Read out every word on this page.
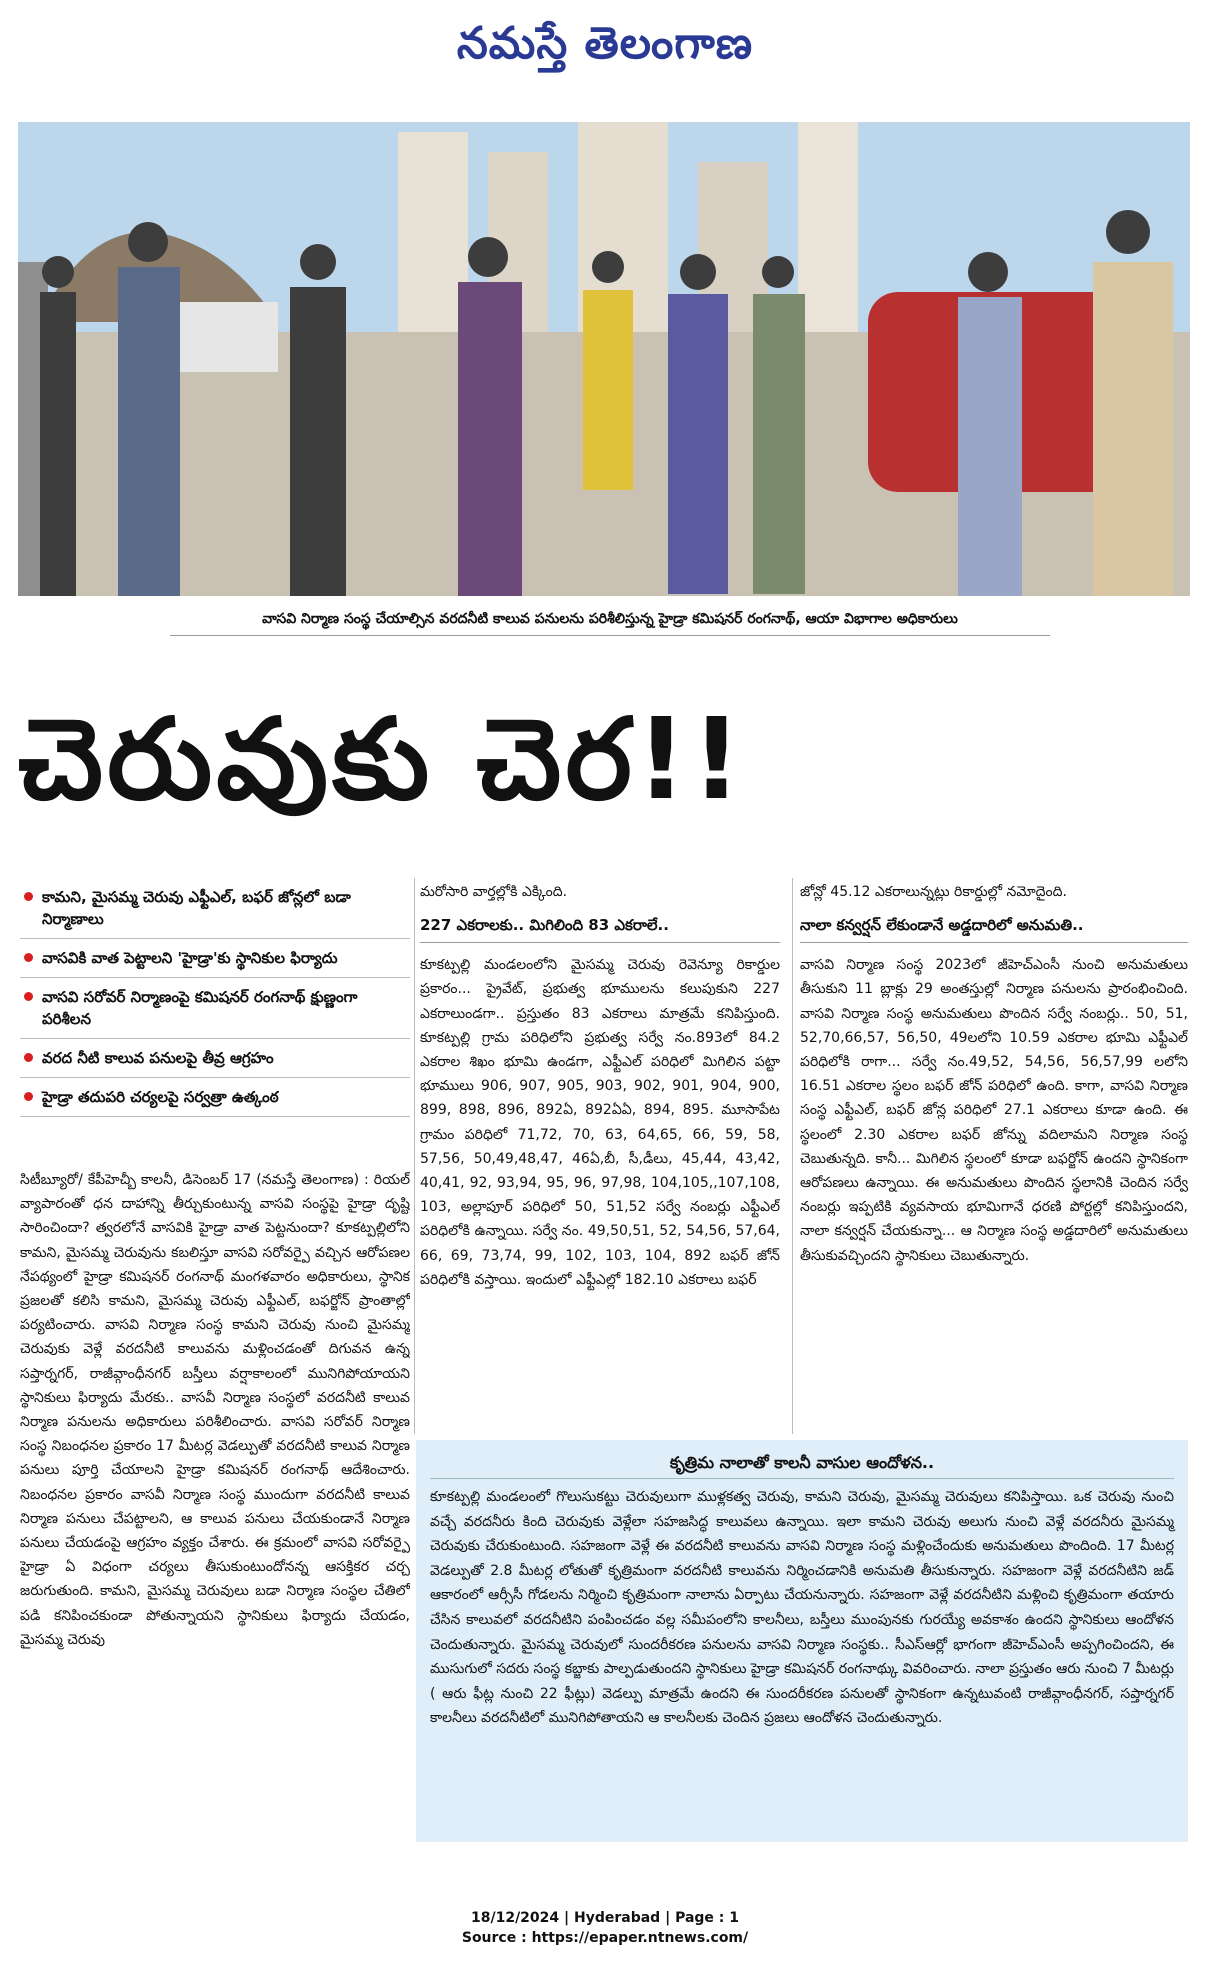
నమస్తే తెలంగాణ
వాసవి నిర్మాణ సంస్థ చేయాల్సిన వరదనీటి కాలువ పనులను పరిశీలిస్తున్న హైడ్రా కమిషనర్ రంగనాథ్, ఆయా విభాగాల అధికారులు
చెరువుకు చెర!!
కామని, మైసమ్మ చెరువు ఎఫ్టీఎల్, బఫర్ జోన్లలో బడా నిర్మాణాలు
వాసవికి వాత పెట్టాలని 'హైడ్రా'కు స్థానికుల ఫిర్యాదు
వాసవి సరోవర్ నిర్మాణంపై కమిషనర్ రంగనాథ్ క్షుణ్ణంగా పరిశీలన
వరద నీటి కాలువ పనులపై తీవ్ర ఆగ్రహం
హైడ్రా తదుపరి చర్యలపై సర్వత్రా ఉత్కంఠ

సిటీబ్యూరో/ కేపీహెచ్బీ కాలనీ, డిసెంబర్ 17 (నమస్తే తెలంగాణ) : రియల్ వ్యాపారంతో ధన దాహాన్ని తీర్చుకుంటున్న వాసవి సంస్థపై హైడ్రా దృష్టి సారించిందా? త్వరలోనే వాసవికి హైడ్రా వాత పెట్టనుందా? కూకట్పల్లిలోని కామని, మైసమ్మ చెరువును కబలిస్తూ వాసవి సరోవర్పై వచ్చిన ఆరోపణల నేపథ్యంలో హైడ్రా కమిషనర్ రంగనాథ్ మంగళవారం అధికారులు, స్థానిక ప్రజలతో కలిసి కామని, మైసమ్మ చెరువు ఎఫ్టీఎల్, బఫర్జోన్ ప్రాంతాల్లో పర్యటించారు. వాసవి నిర్మాణ సంస్థ కామని చెరువు నుంచి మైసమ్మ చెరువుకు వెళ్లే వరదనీటి కాలువను మళ్లించడంతో దిగువన ఉన్న సప్తార్నగర్, రాజీవ్గాంధీనగర్ బస్తీలు వర్షాకాలంలో మునిగిపోయాయని స్థానికులు ఫిర్యాదు మేరకు.. వాసవీ నిర్మాణ సంస్థలో వరదనీటి కాలువ నిర్మాణ పనులను అధికారులు పరిశీలించారు. వాసవి సరోవర్ నిర్మాణ సంస్థ నిబంధనల ప్రకారం 17 మీటర్ల వెడల్పుతో వరదనీటి కాలువ నిర్మాణ పనులు పూర్తి చేయాలని హైడ్రా కమిషనర్ రంగనాథ్ ఆదేశించారు. నిబంధనల ప్రకారం వాసవీ నిర్మాణ సంస్థ ముందుగా వరదనీటి కాలువ నిర్మాణ పనులు చేపట్టాలని, ఆ కాలువ పనులు చేయకుండానే నిర్మాణ పనులు చేయడంపై ఆగ్రహం వ్యక్తం చేశారు. ఈ క్రమంలో వాసవి సరోవర్పై హైడ్రా ఏ విధంగా చర్యలు తీసుకుంటుందోనన్న ఆసక్తికర చర్చ జరుగుతుంది. కామని, మైసమ్మ చెరువులు బడా నిర్మాణ సంస్థల చేతిలో పడి కనిపించకుండా పోతున్నాయని స్థానికులు ఫిర్యాదు చేయడం, మైసమ్మ చెరువు

మరోసారి వార్తల్లోకి ఎక్కింది.

227 ఎకరాలకు.. మిగిలింది 83 ఎకరాలే..

కూకట్పల్లి మండలంలోని మైసమ్మ చెరువు రెవెన్యూ రికార్డుల ప్రకారం... ప్రైవేట్, ప్రభుత్వ భూములను కలుపుకుని 227 ఎకరాలుండగా.. ప్రస్తుతం 83 ఎకరాలు మాత్రమే కనిపిస్తుంది. కూకట్పల్లి గ్రామ పరిధిలోని ప్రభుత్వ సర్వే నం.893లో 84.2 ఎకరాల శిఖం భూమి ఉండగా, ఎఫ్టీఎల్ పరిధిలో మిగిలిన పట్టా భూములు 906, 907, 905, 903, 902, 901, 904, 900, 899, 898, 896, 892ఏ, 892ఏఏ, 894, 895. మూసాపేట గ్రామం పరిధిలో 71,72, 70, 63, 64,65, 66, 59, 58, 57,56, 50,49,48,47, 46ఏ,బీ, సీ,డీలు, 45,44, 43,42, 40,41, 92, 93,94, 95, 96, 97,98, 104,105,,107,108, 103, అల్లాపూర్ పరిధిలో 50, 51,52 సర్వే నంబర్లు ఎఫ్టీఎల్ పరిధిలోకి ఉన్నాయి. సర్వే నం. 49,50,51, 52, 54,56, 57,64, 66, 69, 73,74, 99, 102, 103, 104, 892 బఫర్ జోన్ పరిధిలోకి వస్తాయి. ఇందులో ఎఫ్టీఎల్లో 182.10 ఎకరాలు బఫర్

జోన్లో 45.12 ఎకరాలున్నట్లు రికార్డుల్లో నమోదైంది.

నాలా కన్వర్షన్ లేకుండానే అడ్డదారిలో అనుమతి..

వాసవి నిర్మాణ సంస్థ 2023లో జీహెచ్ఎంసీ నుంచి అనుమతులు తీసుకుని 11 బ్లాక్లు 29 అంతస్తుల్లో నిర్మాణ పనులను ప్రారంభించింది. వాసవి నిర్మాణ సంస్థ అనుమతులు పొందిన సర్వే నంబర్లు.. 50, 51, 52,70,66,57, 56,50, 49లలోని 10.59 ఎకరాల భూమి ఎఫ్టీఎల్ పరిధిలోకి రాగా... సర్వే నం.49,52, 54,56, 56,57,99 లలోని 16.51 ఎకరాల స్థలం బఫర్ జోన్ పరిధిలో ఉంది. కాగా, వాసవి నిర్మాణ సంస్థ ఎఫ్టీఎల్, బఫర్ జోన్ల పరిధిలో 27.1 ఎకరాలు కూడా ఉంది. ఈ స్థలంలో 2.30 ఎకరాల బఫర్ జోన్ను వదిలామని నిర్మాణ సంస్థ చెబుతున్నది. కానీ... మిగిలిన స్థలంలో కూడా బఫర్జోన్ ఉందని స్థానికంగా ఆరోపణలు ఉన్నాయి. ఈ అనుమతులు పొందిన స్థలానికి చెందిన సర్వే నంబర్లు ఇప్పటికి వ్యవసాయ భూమిగానే ధరణి పోర్టల్లో కనిపిస్తుందని, నాలా కన్వర్షన్ చేయకున్నా... ఆ నిర్మాణ సంస్థ అడ్డదారిలో అనుమతులు తీసుకువచ్చిందని స్థానికులు చెబుతున్నారు.

కృత్రిమ నాలాతో కాలనీ వాసుల ఆందోళన..
కూకట్పల్లి మండలంలో గొలుసుకట్టు చెరువులుగా ముళ్లకత్వ చెరువు, కామని చెరువు, మైసమ్మ చెరువులు కనిపిస్తాయి. ఒక చెరువు నుంచి వచ్చే వరదనీరు కింది చెరువుకు వెళ్లేలా సహజసిద్ధ కాలువలు ఉన్నాయి. ఇలా కామని చెరువు అలుగు నుంచి వెళ్లే వరదనీరు మైసమ్మ చెరువుకు చేరుకుంటుంది. సహజంగా వెళ్లే ఈ వరదనీటి కాలువను వాసవి నిర్మాణ సంస్థ మళ్లించేందుకు అనుమతులు పొందింది. 17 మీటర్ల వెడల్పుతో 2.8 మీటర్ల లోతుతో కృత్రిమంగా వరదనీటి కాలువను నిర్మించడానికి అనుమతి తీసుకున్నారు. సహజంగా వెళ్లే వరదనీటిని జడ్ ఆకారంలో ఆర్సీసీ గోడలను నిర్మించి కృత్రిమంగా నాలాను ఏర్పాటు చేయనున్నారు. సహజంగా వెళ్లే వరదనీటిని మళ్లించి కృత్రిమంగా తయారు చేసిన కాలువలో వరదనీటిని పంపించడం వల్ల సమీపంలోని కాలనీలు, బస్తీలు ముంపునకు గురయ్యే అవకాశం ఉందని స్థానికులు ఆందోళన చెందుతున్నారు. మైసమ్మ చెరువులో సుందరీకరణ పనులను వాసవి నిర్మాణ సంస్థకు.. సీఎస్ఆర్లో భాగంగా జీహెచ్ఎంసీ అప్పగించిందని, ఈ ముసుగులో సదరు సంస్థ కబ్జాకు పాల్పడుతుందని స్థానికులు హైడ్రా కమిషనర్ రంగనాథ్కు వివరించారు. నాలా ప్రస్తుతం ఆరు నుంచి 7 మీటర్లు ( ఆరు ఫీట్ల నుంచి 22 ఫీట్లు) వెడల్పు మాత్రమే ఉందని ఈ సుందరీకరణ పనులతో స్థానికంగా ఉన్నటువంటి రాజీవ్గాంధీనగర్, సప్తార్నగర్ కాలనీలు వరదనీటిలో మునిగిపోతాయని ఆ కాలనీలకు చెందిన ప్రజలు ఆందోళన చెందుతున్నారు.
18/12/2024 | Hyderabad | Page : 1
Source : https://epaper.ntnews.com/
